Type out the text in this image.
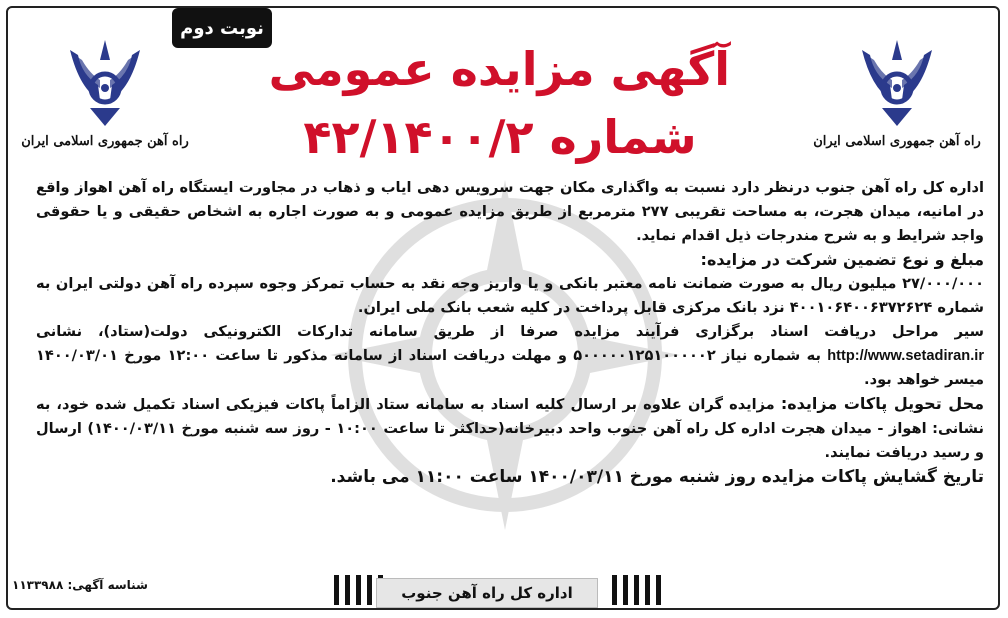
نوبت دوم
راه آهن جمهوری اسلامی ایران
راه آهن جمهوری اسلامی ایران
آگهی مزایده عمومی
شماره ۴۲/۱۴۰۰/۲

اداره کل راه آهن جنوب درنظر دارد نسبت به واگذاری مکان جهت سرویس دهی ایاب و ذهاب در مجاورت ایستگاه راه آهن اهواز واقع در امانیه، میدان هجرت، به مساحت تقریبی ۲۷۷ مترمربع از طریق مزایده عمومی و به صورت اجاره به اشخاص حقیقی و یا حقوقی واجد شرایط و به شرح مندرجات ذیل اقدام نماید.

مبلغ و نوع تضمین شرکت در مزایده:

۲۷/۰۰۰/۰۰۰ میلیون ریال به صورت ضمانت نامه معتبر بانکی و یا واریز وجه نقد به حساب تمرکز وجوه سپرده راه آهن دولتی ایران به شماره ۴۰۰۱۰۶۴۰۰۶۳۷۲۶۲۴ نزد بانک مرکزی قابل پرداخت در کلیه شعب بانک ملی ایران.

سیر مراحل دریافت اسناد برگزاری فرآیند مزایده صرفا از طریق سامانه تدارکات الکترونیکی دولت(ستاد)، نشانی http://www.setadiran.ir به شماره نیاز ۵۰۰۰۰۰۱۲۵۱۰۰۰۰۰۲ و مهلت دریافت اسناد از سامانه مذکور تا ساعت ۱۲:۰۰ مورخ ۱۴۰۰/۰۳/۰۱ میسر خواهد بود.

محل تحویل پاکات مزایده: مزایده گران علاوه بر ارسال کلیه اسناد به سامانه ستاد الزاماً پاکات فیزیکی اسناد تکمیل شده خود، به نشانی: اهواز - میدان هجرت اداره کل راه آهن جنوب واحد دبیرخانه(حداکثر تا ساعت ۱۰:۰۰ - روز سه شنبه مورخ ۱۴۰۰/۰۳/۱۱) ارسال و رسید دریافت نمایند.

تاریخ گشایش پاکات مزایده روز شنبه مورخ ۱۴۰۰/۰۳/۱۱ ساعت ۱۱:۰۰ می باشد.

شناسه آگهی: ۱۱۳۳۹۸۸	اداره کل راه آهن جنوب
